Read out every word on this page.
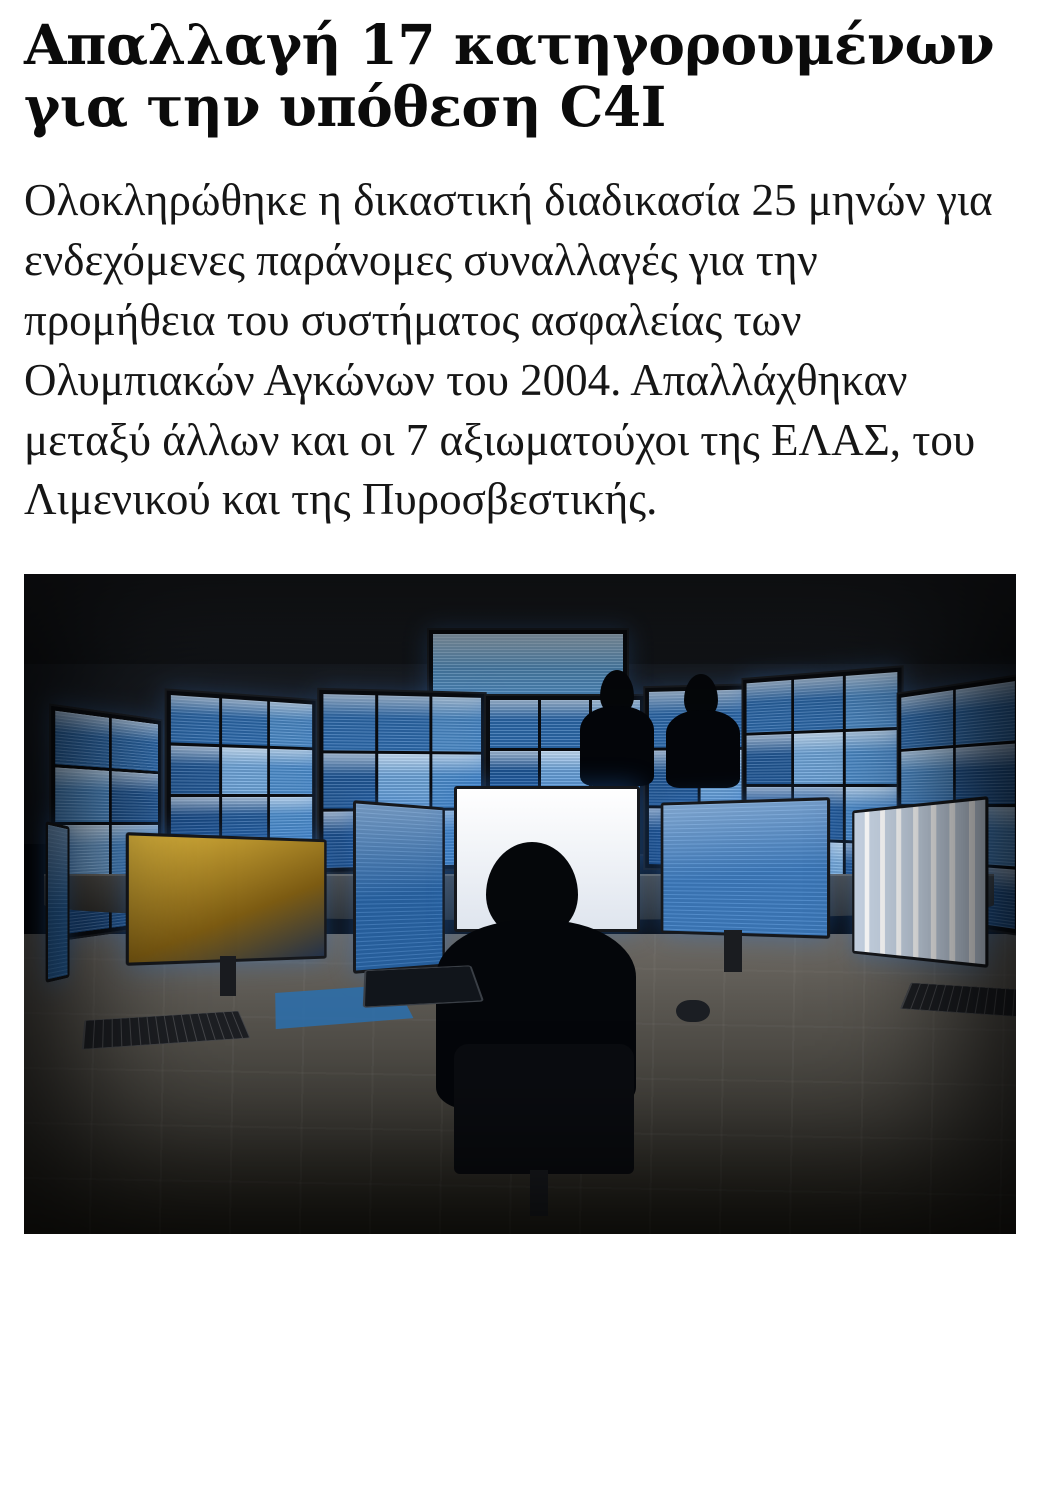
Απαλλαγή 17 κατηγορουμένων για την υπόθεση C4I

Ολοκληρώθηκε η δικαστική διαδικασία 25 μηνών για ενδεχόμενες παράνομες συναλλαγές για την προμήθεια του συστήματος ασφαλείας των Ολυμπιακών Αγκώνων του 2004. Απαλλάχθηκαν μεταξύ άλλων και οι 7 αξιωματούχοι της ΕΛΑΣ, του Λιμενικού και της Πυροσβεστικής.
